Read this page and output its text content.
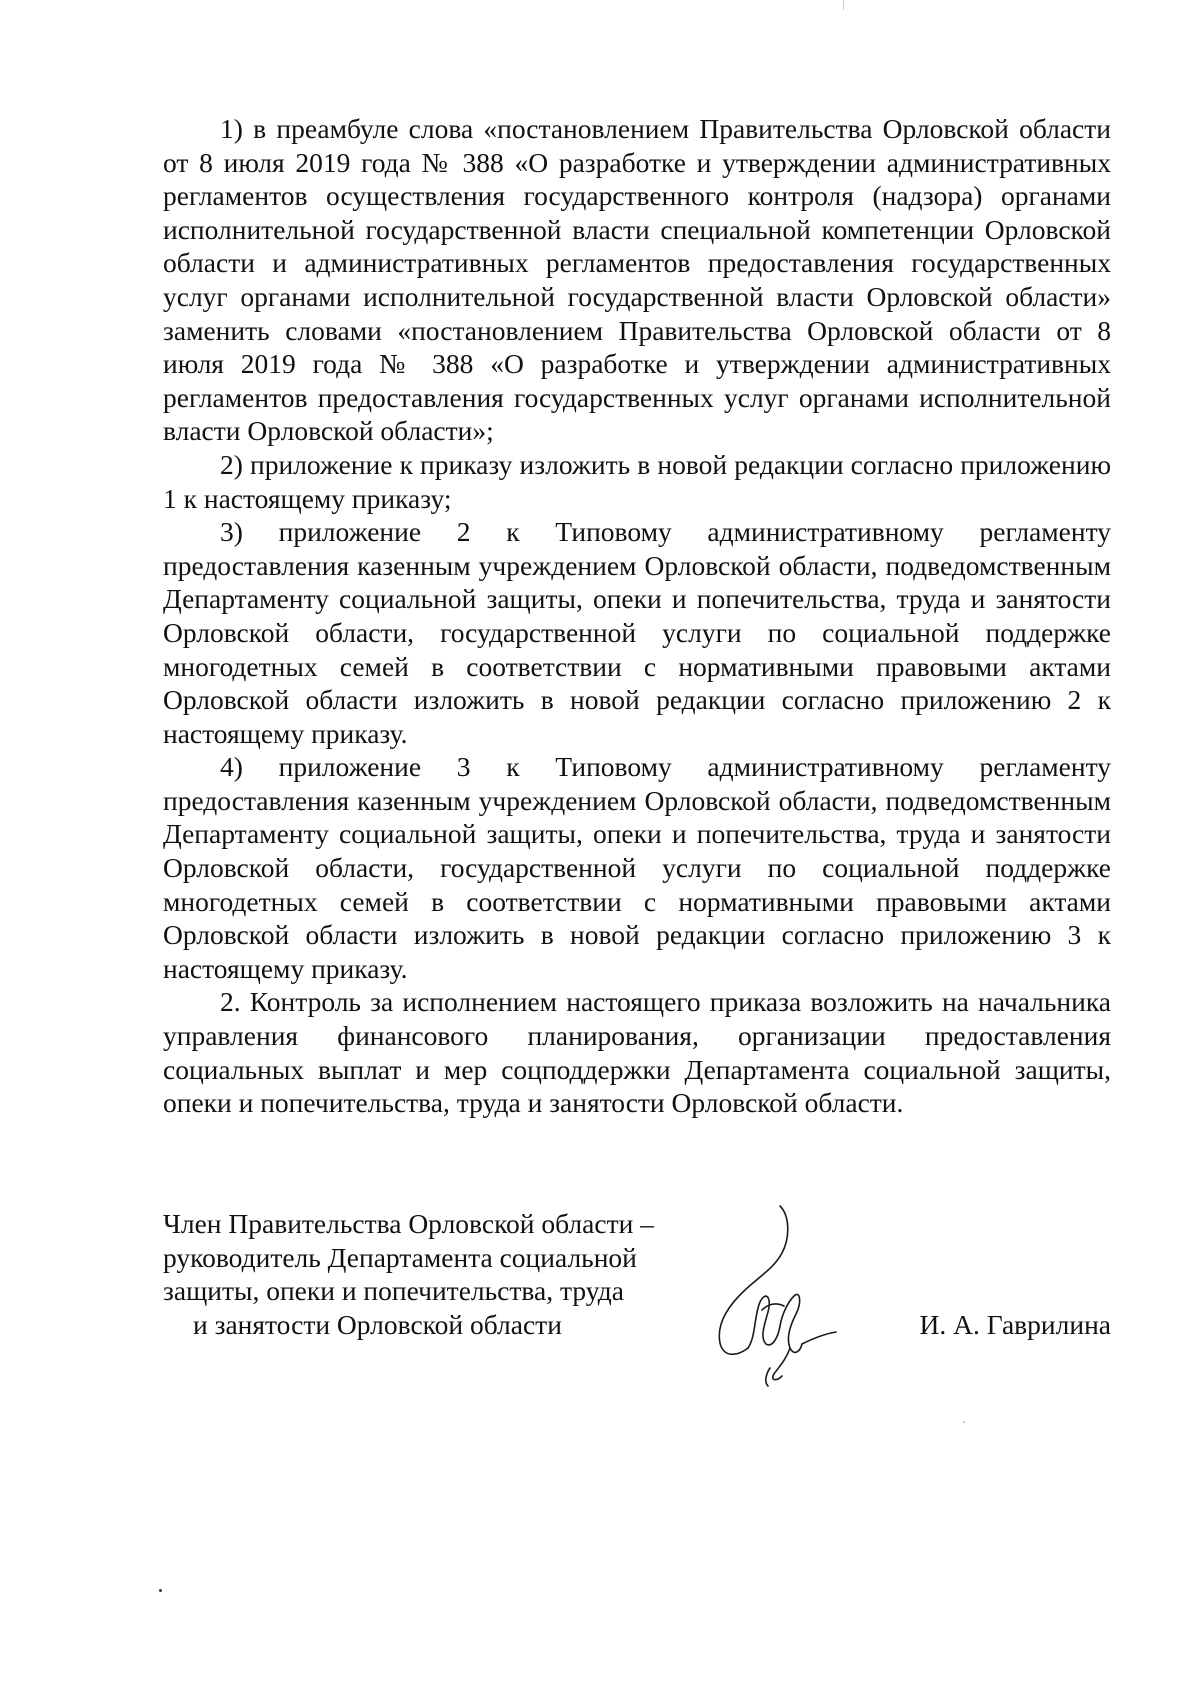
1) в преамбуле слова «постановлением Правительства Орловской области от 8 июля 2019 года № 388 «О разработке и утверждении административных регламентов осуществления государственного контроля (надзора) органами исполнительной государственной власти специальной компетенции Орловской области и административных регламентов предоставления государственных услуг органами исполнительной государственной власти Орловской области» заменить словами «постановлением Правительства Орловской области от 8 июля 2019 года № 388 «О разработке и утверждении административных регламентов предоставления государственных услуг органами исполнительной власти Орловской области»;

2) приложение к приказу изложить в новой редакции согласно приложению 1 к настоящему приказу;

3) приложение 2 к Типовому административному регламенту предоставления казенным учреждением Орловской области, подведомственным Департаменту социальной защиты, опеки и попечительства, труда и занятости Орловской области, государственной услуги по социальной поддержке многодетных семей в соответствии с нормативными правовыми актами Орловской области изложить в новой редакции согласно приложению 2 к настоящему приказу.

4) приложение 3 к Типовому административному регламенту предоставления казенным учреждением Орловской области, подведомственным Департаменту социальной защиты, опеки и попечительства, труда и занятости Орловской области, государственной услуги по социальной поддержке многодетных семей в соответствии с нормативными правовыми актами Орловской области изложить в новой редакции согласно приложению 3 к настоящему приказу.

2. Контроль за исполнением настоящего приказа возложить на начальника управления финансового планирования, организации предоставления социальных выплат и мер соцподдержки Департамента социальной защиты, опеки и попечительства, труда и занятости Орловской области.

Член Правительства Орловской области –
руководитель Департамента социальной
защиты, опеки и попечительства, труда
и занятости Орловской области	И. А. Гаврилина
